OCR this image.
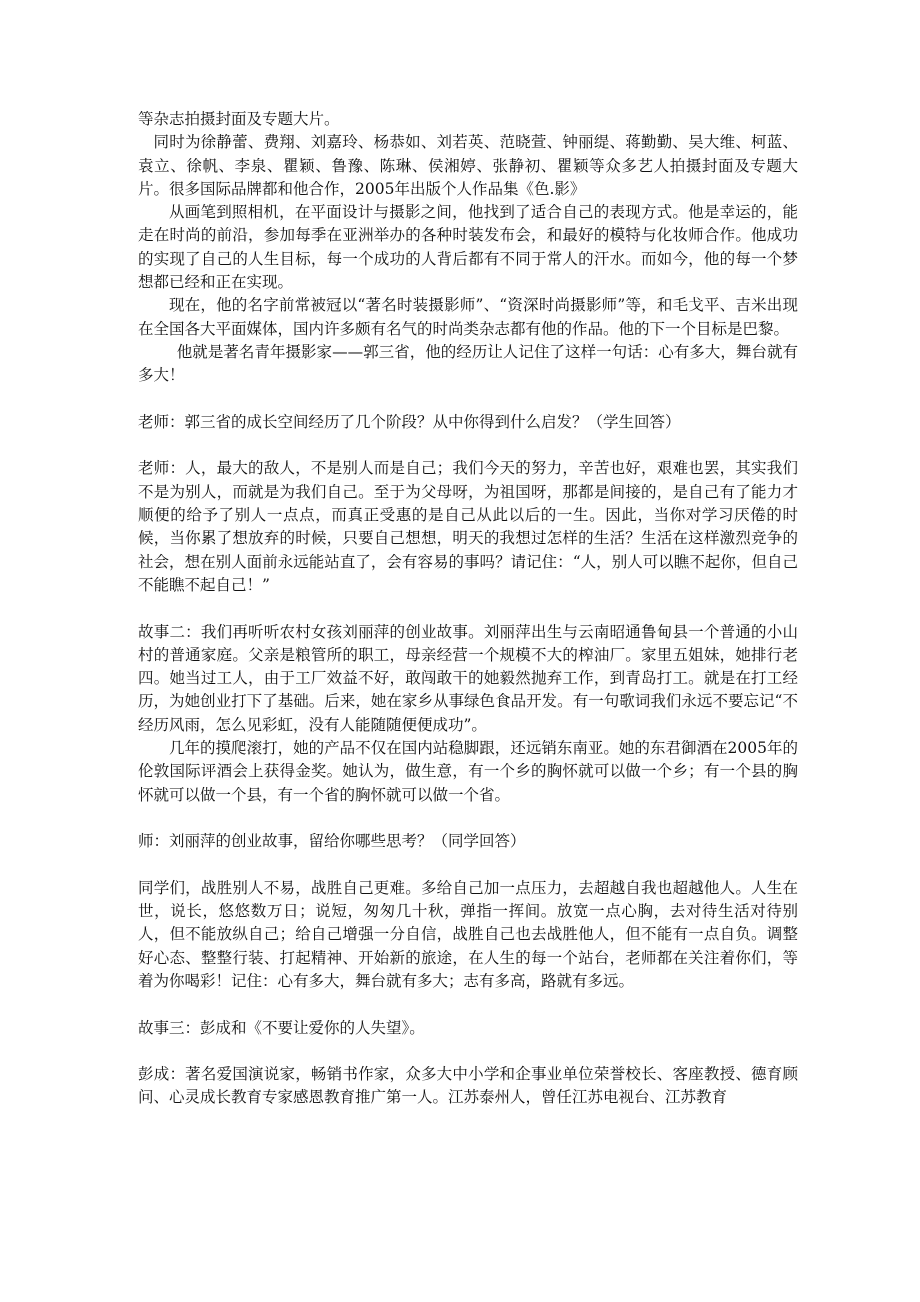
等杂志拍摄封面及专题大片。

同时为徐静蕾、费翔、刘嘉玲、杨恭如、刘若英、范晓萱、钟丽缇、蒋勤勤、吴大维、柯蓝、袁立、徐帆、李泉、瞿颖、鲁豫、陈琳、侯湘婷、张静初、瞿颖等众多艺人拍摄封面及专题大片。很多国际品牌都和他合作，2005年出版个人作品集《色.影》

从画笔到照相机，在平面设计与摄影之间，他找到了适合自己的表现方式。他是幸运的，能走在时尚的前沿，参加每季在亚洲举办的各种时装发布会，和最好的模特与化妆师合作。他成功的实现了自己的人生目标，每一个成功的人背后都有不同于常人的汗水。而如今，他的每一个梦想都已经和正在实现。

现在，他的名字前常被冠以“著名时装摄影师”、“资深时尚摄影师”等，和毛戈平、吉米出现在全国各大平面媒体，国内许多颇有名气的时尚类杂志都有他的作品。他的下一个目标是巴黎。

他就是著名青年摄影家——郭三省，他的经历让人记住了这样一句话：心有多大，舞台就有多大！

老师：郭三省的成长空间经历了几个阶段？从中你得到什么启发？（学生回答）

老师：人，最大的敌人，不是别人而是自己；我们今天的努力，辛苦也好，艰难也罢，其实我们不是为别人，而就是为我们自己。至于为父母呀，为祖国呀，那都是间接的，是自己有了能力才顺便的给予了别人一点点，而真正受惠的是自己从此以后的一生。因此，当你对学习厌倦的时候，当你累了想放弃的时候，只要自己想想，明天的我想过怎样的生活？生活在这样激烈竞争的社会，想在别人面前永远能站直了，会有容易的事吗？请记住：“人，别人可以瞧不起你，但自己不能瞧不起自己！”

故事二：我们再听听农村女孩刘丽萍的创业故事。刘丽萍出生与云南昭通鲁甸县一个普通的小山村的普通家庭。父亲是粮管所的职工，母亲经营一个规模不大的榨油厂。家里五姐妹，她排行老四。她当过工人，由于工厂效益不好，敢闯敢干的她毅然抛弃工作，到青岛打工。就是在打工经历，为她创业打下了基础。后来，她在家乡从事绿色食品开发。有一句歌词我们永远不要忘记“不经历风雨，怎么见彩虹，没有人能随随便便成功”。

几年的摸爬滚打，她的产品不仅在国内站稳脚跟，还远销东南亚。她的东君御酒在2005年的伦敦国际评酒会上获得金奖。她认为，做生意，有一个乡的胸怀就可以做一个乡；有一个县的胸怀就可以做一个县，有一个省的胸怀就可以做一个省。

师：刘丽萍的创业故事，留给你哪些思考？（同学回答）

同学们，战胜别人不易，战胜自己更难。多给自己加一点压力，去超越自我也超越他人。人生在世，说长，悠悠数万日；说短，匆匆几十秋，弹指一挥间。放宽一点心胸，去对待生活对待别人，但不能放纵自己；给自己增强一分自信，战胜自己也去战胜他人，但不能有一点自负。调整好心态、整整行装、打起精神、开始新的旅途，在人生的每一个站台，老师都在关注着你们，等着为你喝彩！记住：心有多大，舞台就有多大；志有多高，路就有多远。

故事三：彭成和《不要让爱你的人失望》。

彭成：著名爱国演说家，畅销书作家，众多大中小学和企事业单位荣誉校长、客座教授、德育顾问、心灵成长教育专家感恩教育推广第一人。江苏泰州人，曾任江苏电视台、江苏教育
